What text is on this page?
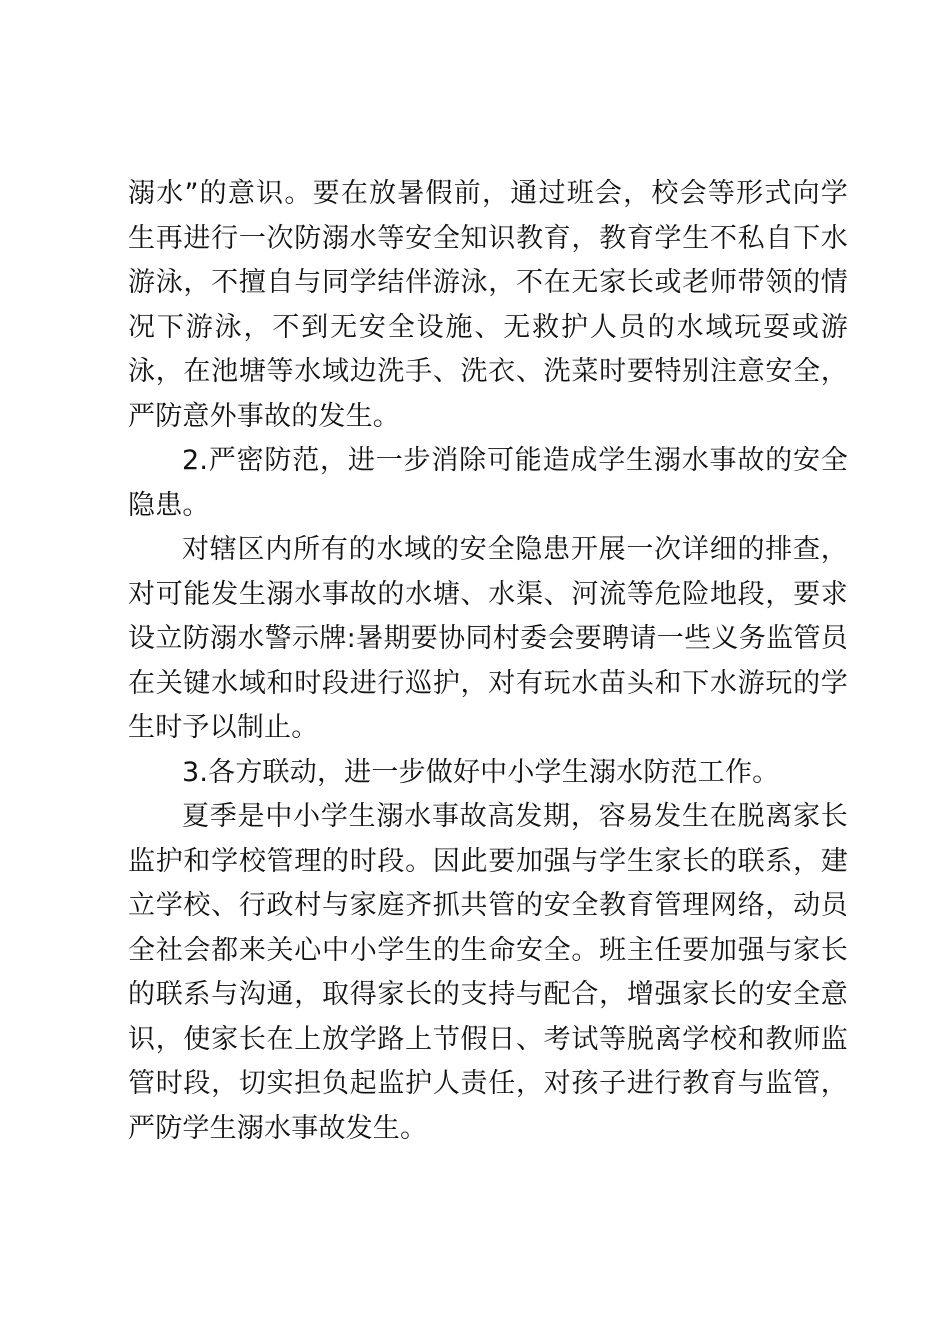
溺水”的意识。要在放暑假前，通过班会，校会等形式向学生再进行一次防溺水等安全知识教育，教育学生不私自下水游泳，不擅自与同学结伴游泳，不在无家长或老师带领的情况下游泳，不到无安全设施、无救护人员的水域玩耍或游泳，在池塘等水域边洗手、洗衣、洗菜时要特别注意安全，严防意外事故的发生。

2.严密防范，进一步消除可能造成学生溺水事故的安全隐患。

对辖区内所有的水域的安全隐患开展一次详细的排查，对可能发生溺水事故的水塘、水渠、河流等危险地段，要求设立防溺水警示牌:暑期要协同村委会要聘请一些义务监管员在关键水域和时段进行巡护，对有玩水苗头和下水游玩的学生时予以制止。

3.各方联动，进一步做好中小学生溺水防范工作。

夏季是中小学生溺水事故高发期，容易发生在脱离家长监护和学校管理的时段。因此要加强与学生家长的联系，建立学校、行政村与家庭齐抓共管的安全教育管理网络，动员全社会都来关心中小学生的生命安全。班主任要加强与家长的联系与沟通，取得家长的支持与配合，增强家长的安全意识，使家长在上放学路上节假日、考试等脱离学校和教师监管时段，切实担负起监护人责任，对孩子进行教育与监管，严防学生溺水事故发生。
